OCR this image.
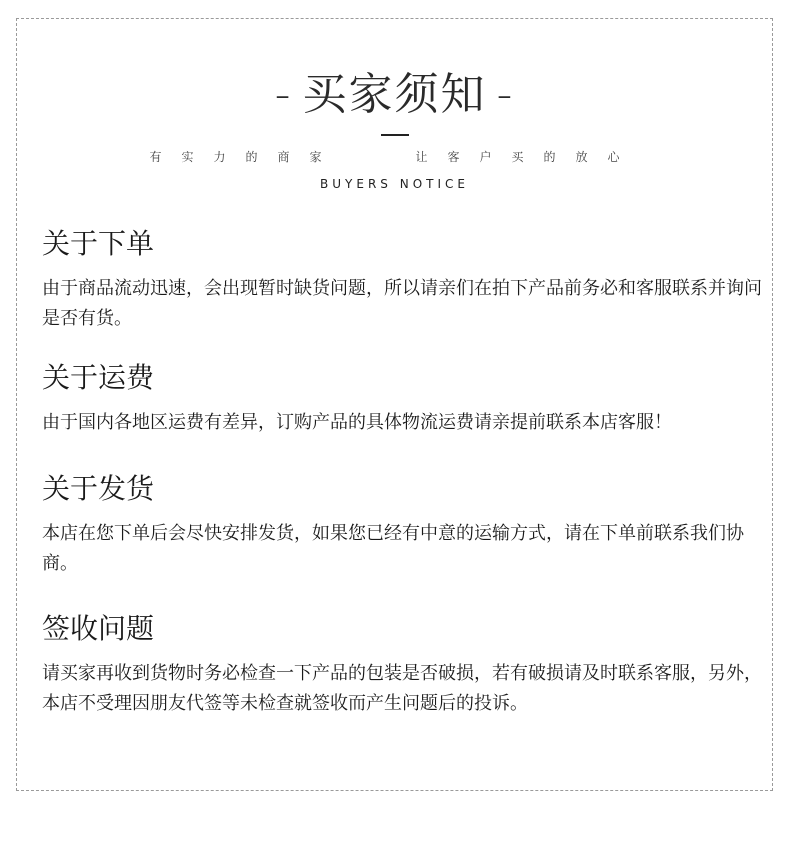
- 买家须知 -
有实力的商家	让客户买的放心
BUYERS NOTICE
关于下单

由于商品流动迅速，会出现暂时缺货问题，所以请亲们在拍下产品前务必和客服联系并询问是否有货。

关于运费

由于国内各地区运费有差异，订购产品的具体物流运费请亲提前联系本店客服！

关于发货

本店在您下单后会尽快安排发货，如果您已经有中意的运输方式，请在下单前联系我们协商。

签收问题

请买家再收到货物时务必检查一下产品的包装是否破损，若有破损请及时联系客服，另外，本店不受理因朋友代签等未检查就签收而产生问题后的投诉。
